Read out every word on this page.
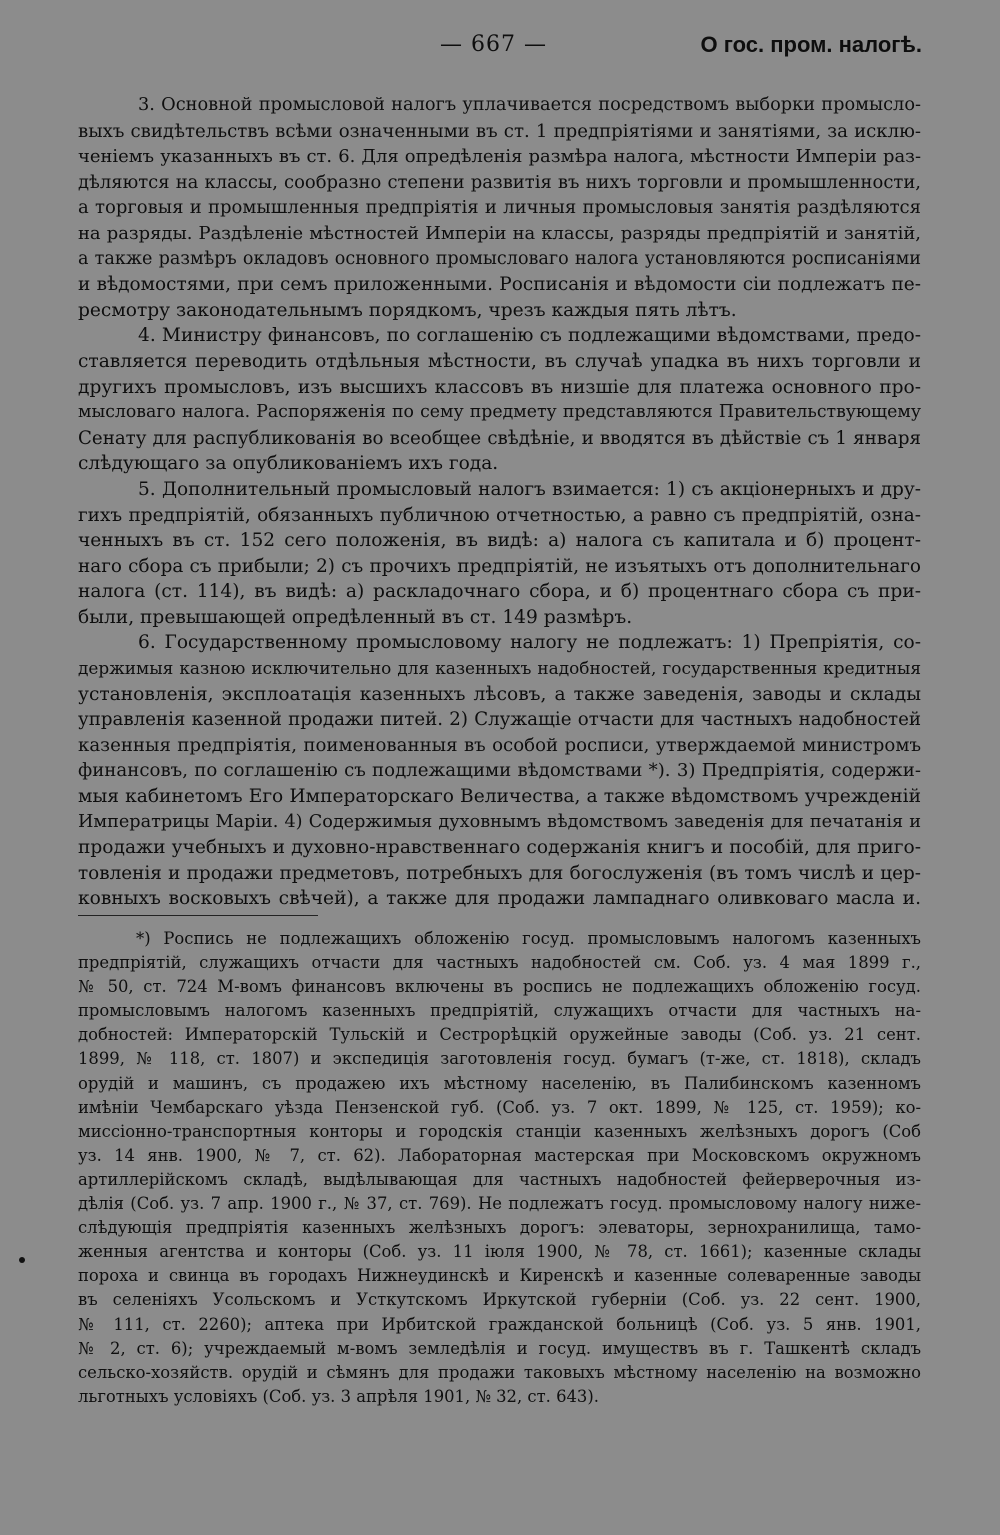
— 667 —	О гос. пром. налогѣ.
3. Основной промысловой налогъ уплачивается посредствомъ выборки промысло-
выхъ свидѣтельствъ всѣми означенными въ ст. 1 предпріятіями и занятіями, за исклю-
ченіемъ указанныхъ въ ст. 6. Для опредѣленія размѣра налога, мѣстности Имперіи раз-
дѣляются на классы, сообразно степени развитія въ нихъ торговли и промышленности,
а торговыя и промышленныя предпріятія и личныя промысловыя занятія раздѣляются
на разряды. Раздѣленіе мѣстностей Имперіи на классы, разряды предпріятій и занятій,
а также размѣръ окладовъ основного промысловаго налога установляются росписаніями
и вѣдомостями, при семъ приложенными. Росписанія и вѣдомости сіи подлежатъ пе-
ресмотру законодательнымъ порядкомъ, чрезъ каждыя пять лѣтъ.
4. Министру финансовъ, по соглашенію съ подлежащими вѣдомствами, предо-
ставляется переводить отдѣльныя мѣстности, въ случаѣ упадка въ нихъ торговли и
другихъ промысловъ, изъ высшихъ классовъ въ низшіе для платежа основного про-
мысловаго налога. Распоряженія по сему предмету представляются Правительствующему
Сенату для распубликованія во всеобщее свѣдѣніе, и вводятся въ дѣйствіе съ 1 января
слѣдующаго за опубликованіемъ ихъ года.
5. Дополнительный промысловый налогъ взимается: 1) съ акціонерныхъ и дру-
гихъ предпріятій, обязанныхъ публичною отчетностью, а равно съ предпріятій, озна-
ченныхъ въ ст. 152 сего положенія, въ видѣ: а) налога съ капитала и б) процент-
наго сбора съ прибыли; 2) съ прочихъ предпріятій, не изъятыхъ отъ дополнительнаго
налога (ст. 114), въ видѣ: а) раскладочнаго сбора, и б) процентнаго сбора съ при-
были, превышающей опредѣленный въ ст. 149 размѣръ.
6. Государственному промысловому налогу не подлежатъ: 1) Препріятія, со-
держимыя казною исключительно для казенныхъ надобностей, государственныя кредитныя
установленія, эксплоатація казенныхъ лѣсовъ, а также заведенія, заводы и склады
управленія казенной продажи питей. 2) Служащіе отчасти для частныхъ надобностей
казенныя предпріятія, поименованныя въ особой росписи, утверждаемой министромъ
финансовъ, по соглашенію съ подлежащими вѣдомствами *). 3) Предпріятія, содержи-
мыя кабинетомъ Его Императорскаго Величества, а также вѣдомствомъ учрежденій
Императрицы Маріи. 4) Содержимыя духовнымъ вѣдомствомъ заведенія для печатанія и
продажи учебныхъ и духовно-нравственнаго содержанія книгъ и пособій, для приго-
товленія и продажи предметовъ, потребныхъ для богослуженія (въ томъ числѣ и цер-
ковныхъ восковыхъ свѣчей), а также для продажи лампаднаго оливковаго масла и.
*) Роспись не подлежащихъ обложенію госуд. промысловымъ налогомъ казенныхъ
предпріятій, служащихъ отчасти для частныхъ надобностей см. Соб. уз. 4 мая 1899 г.,
№ 50, ст. 724 М-вомъ финансовъ включены въ роспись не подлежащихъ обложенію госуд.
промысловымъ налогомъ казенныхъ предпріятій, служащихъ отчасти для частныхъ на-
добностей: Императорскій Тульскій и Сестрорѣцкій оружейные заводы (Соб. уз. 21 сент.
1899, № 118, ст. 1807) и экспедиція заготовленія госуд. бумагъ (т-же, ст. 1818), складъ
орудій и машинъ, съ продажею ихъ мѣстному населенію, въ Палибинскомъ казенномъ
имѣніи Чембарскаго уѣзда Пензенской губ. (Соб. уз. 7 окт. 1899, № 125, ст. 1959); ко-
миссіонно-транспортныя конторы и городскія станціи казенныхъ желѣзныхъ дорогъ (Соб
уз. 14 янв. 1900, № 7, ст. 62). Лабораторная мастерская при Московскомъ окружномъ
артиллерійскомъ складѣ, выдѣлывающая для частныхъ надобностей фейерверочныя из-
дѣлія (Соб. уз. 7 апр. 1900 г., № 37, ст. 769). Не подлежатъ госуд. промысловому налогу ниже-
слѣдующія предпріятія казенныхъ желѣзныхъ дорогъ: элеваторы, зернохранилища, тамо-
женныя агентства и конторы (Соб. уз. 11 іюля 1900, № 78, ст. 1661); казенные склады
пороха и свинца въ городахъ Нижнеудинскѣ и Киренскѣ и казенные солеваренные заводы
въ селеніяхъ Усольскомъ и Усткутскомъ Иркутской губерніи (Соб. уз. 22 сент. 1900,
№ 111, ст. 2260); аптека при Ирбитской гражданской больницѣ (Соб. уз. 5 янв. 1901,
№ 2, ст. 6); учреждаемый м-вомъ земледѣлія и госуд. имуществъ въ г. Ташкентѣ складъ
сельско-хозяйств. орудій и сѣмянъ для продажи таковыхъ мѣстному населенію на возможно
льготныхъ условіяхъ (Соб. уз. 3 апрѣля 1901, № 32, ст. 643).
